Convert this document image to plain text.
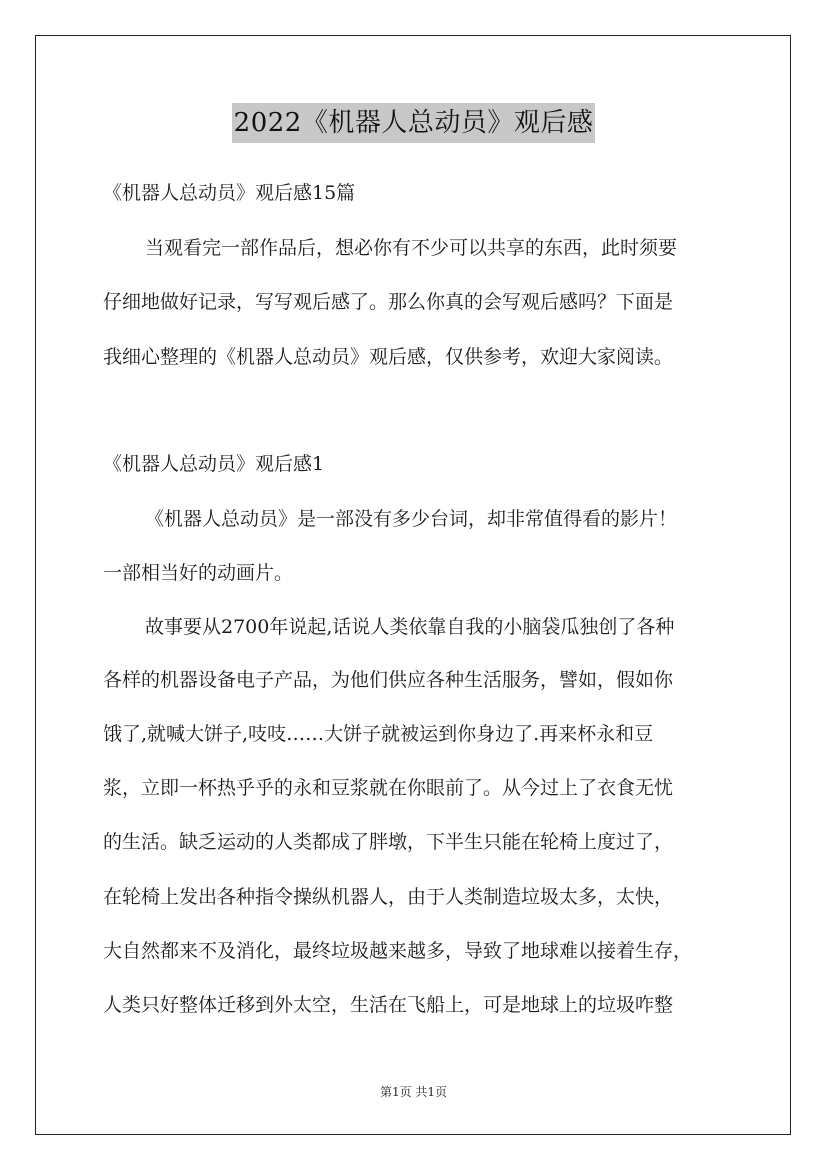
2022《机器人总动员》观后感
《机器人总动员》观后感15篇
当观看完一部作品后，想必你有不少可以共享的东西，此时须要
仔细地做好记录，写写观后感了。那么你真的会写观后感吗？下面是
我细心整理的《机器人总动员》观后感，仅供参考，欢迎大家阅读。
《机器人总动员》观后感1
《机器人总动员》是一部没有多少台词，却非常值得看的影片！
一部相当好的动画片。
故事要从2700年说起,话说人类依靠自我的小脑袋瓜独创了各种
各样的机器设备电子产品，为他们供应各种生活服务，譬如，假如你
饿了,就喊大饼子,吱吱……大饼子就被运到你身边了.再来杯永和豆
浆，立即一杯热乎乎的永和豆浆就在你眼前了。从今过上了衣食无忧
的生活。缺乏运动的人类都成了胖墩，下半生只能在轮椅上度过了，
在轮椅上发出各种指令操纵机器人，由于人类制造垃圾太多，太快，
大自然都来不及消化，最终垃圾越来越多，导致了地球难以接着生存，
人类只好整体迁移到外太空，生活在飞船上，可是地球上的垃圾咋整
第1页 共1页
